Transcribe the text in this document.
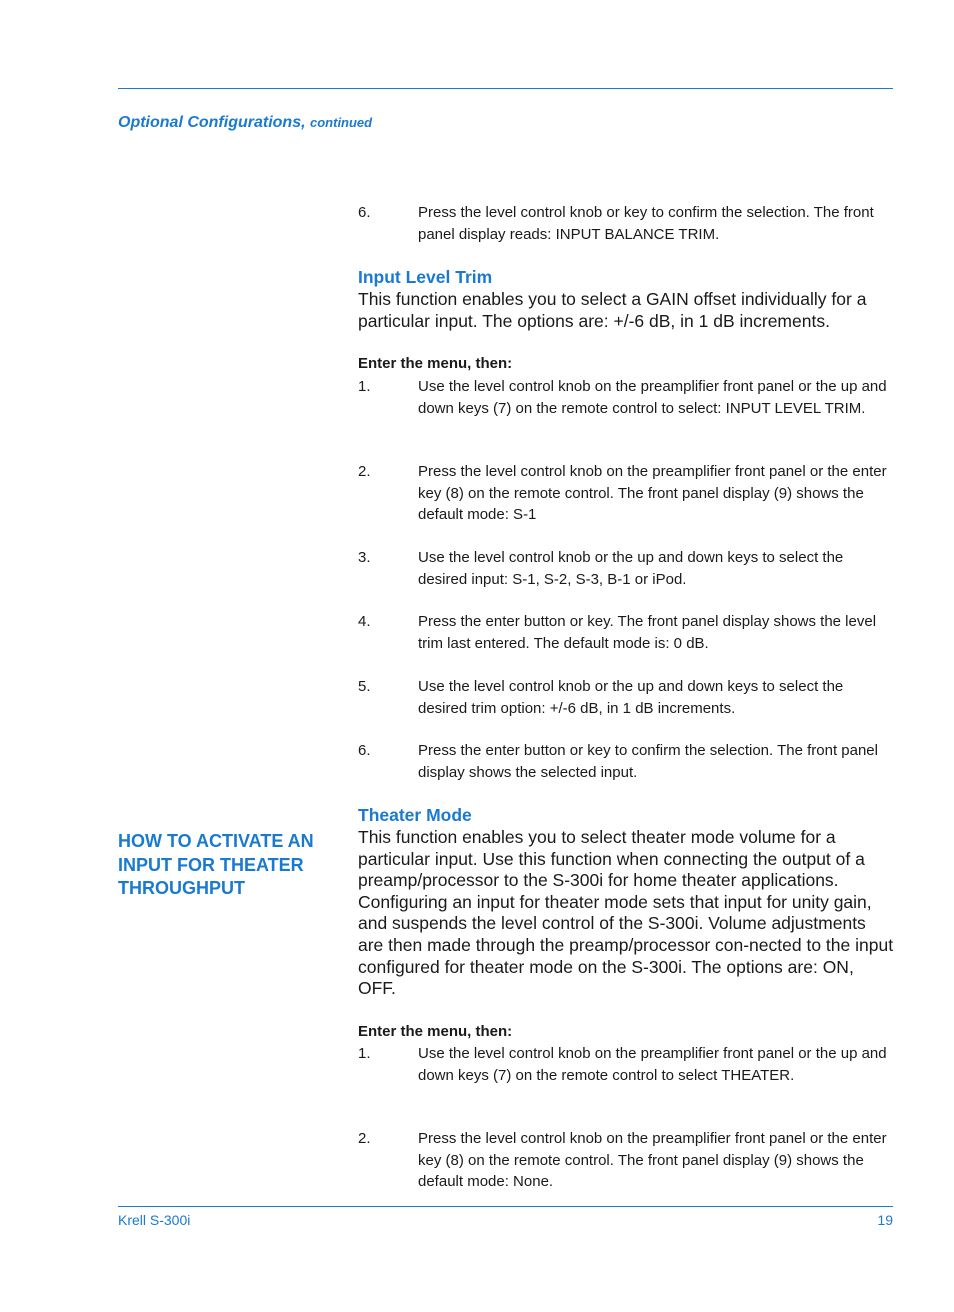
Optional Configurations, continued
6.	Press the level control knob or key to confirm the selection. The front panel display reads: INPUT BALANCE TRIM.
Input Level Trim
This function enables you to select a GAIN offset individually for a particular input. The options are: +/-6 dB, in 1 dB increments.
Enter the menu, then:
1.	Use the level control knob on the preamplifier front panel or the up and down keys (7) on the remote control to select: INPUT LEVEL TRIM.
2.	Press the level control knob on the preamplifier front panel or the enter key (8) on the remote control. The front panel display (9) shows the default mode: S-1
3.	Use the level control knob or the up and down keys to select the desired input: S-1, S-2, S-3, B-1 or iPod.
4.	Press the enter button or key. The front panel display shows the level trim last entered. The default mode is: 0 dB.
5.	Use the level control knob or the up and down keys to select the desired trim option: +/-6 dB, in 1 dB increments.
6.	Press the enter button or key to confirm the selection. The front panel display shows the selected input.
HOW TO ACTIVATE AN INPUT FOR THEATER THROUGHPUT
Theater Mode
This function enables you to select theater mode volume for a particular input. Use this function when connecting the output of a preamp/processor to the S-300i for home theater applications. Configuring an input for theater mode sets that input for unity gain, and suspends the level control of the S-300i. Volume adjustments are then made through the preamp/processor con-nected to the input configured for theater mode on the S-300i. The options are: ON, OFF.
Enter the menu, then:
1.	Use the level control knob on the preamplifier front panel or the up and down keys (7) on the remote control to select THEATER.
2.	Press the level control knob on the preamplifier front panel or the enter key (8) on the remote control. The front panel display (9) shows the default mode: None.
Krell S-300i	19
